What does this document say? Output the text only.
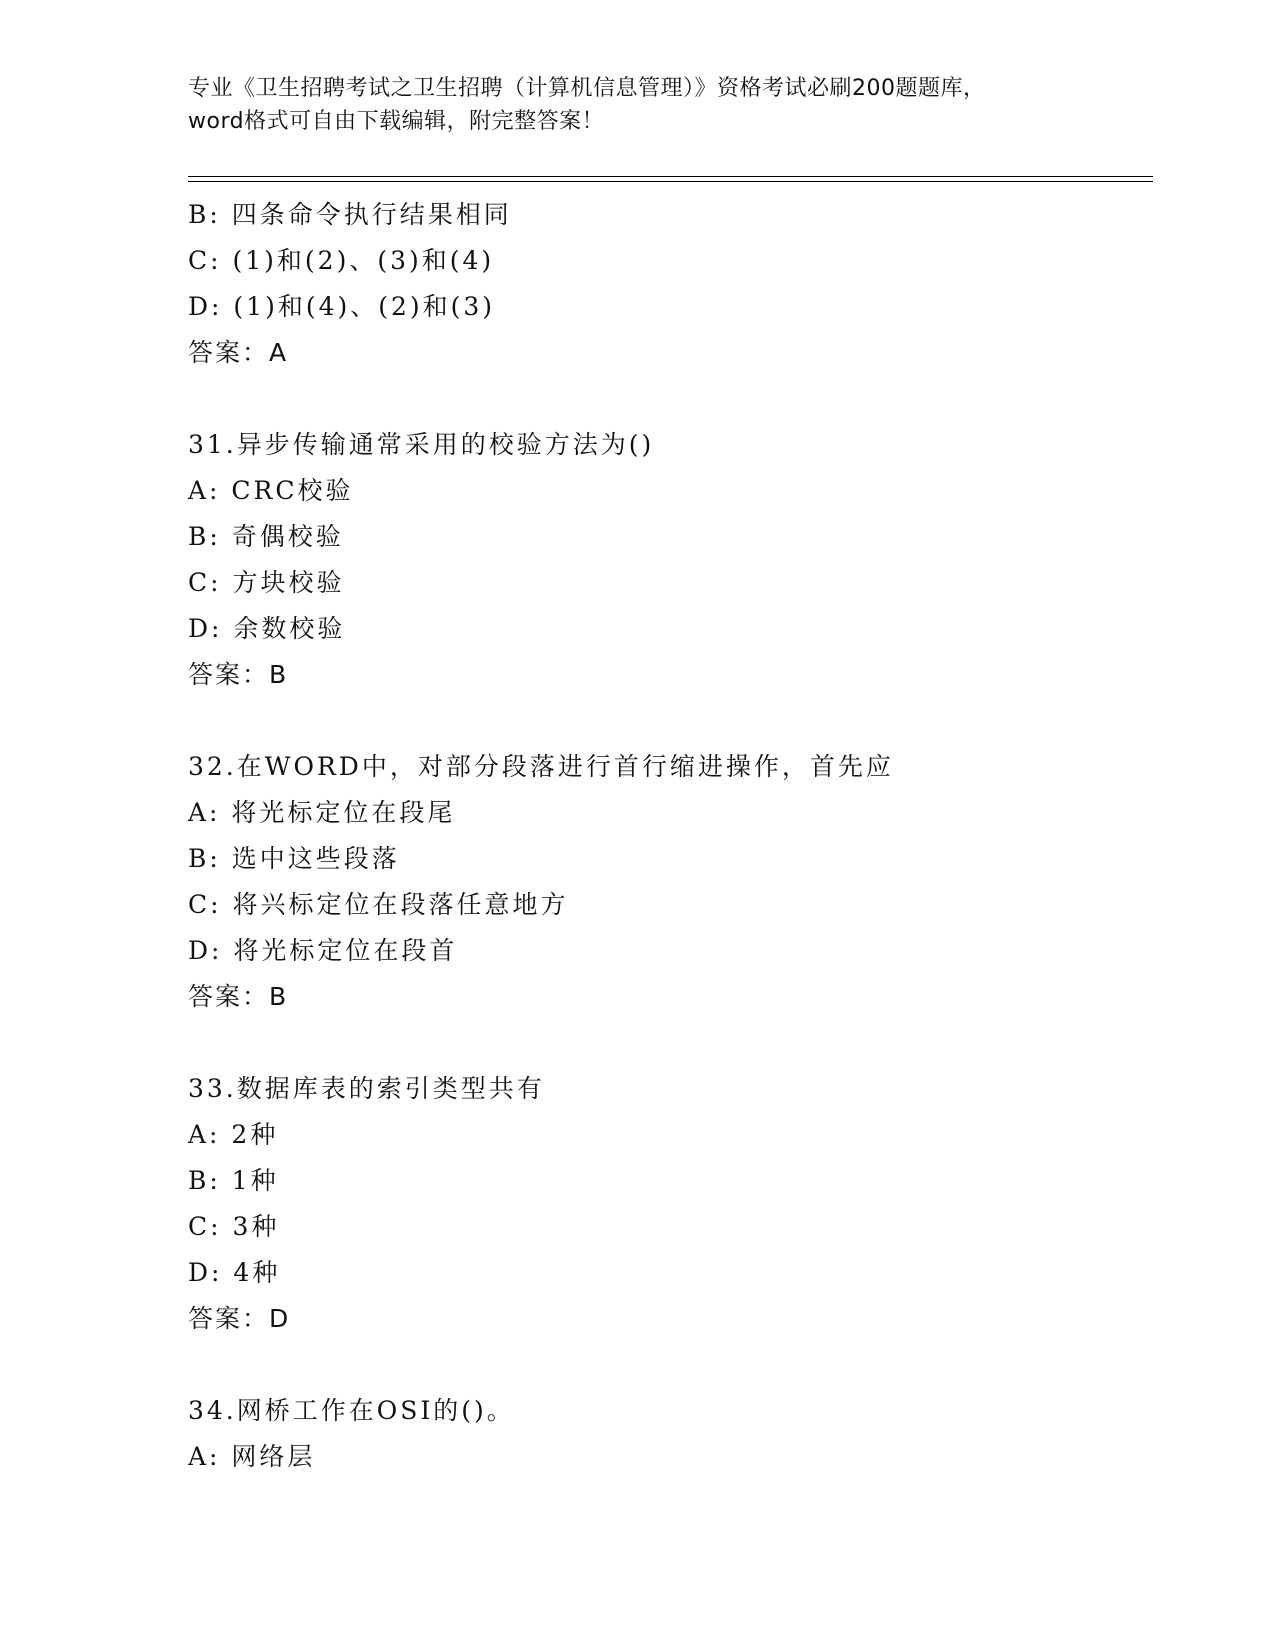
专业《卫生招聘考试之卫生招聘（计算机信息管理）》资格考试必刷200题题库，
word格式可自由下载编辑，附完整答案！
B: 四条命令执行结果相同
C: (1)和(2)、(3)和(4)
D: (1)和(4)、(2)和(3)
答案：A
31.异步传输通常采用的校验方法为()
A: CRC校验
B: 奇偶校验
C: 方块校验
D: 余数校验
答案：B
32.在WORD中，对部分段落进行首行缩进操作，首先应
A: 将光标定位在段尾
B: 选中这些段落
C: 将兴标定位在段落任意地方
D: 将光标定位在段首
答案：B
33.数据库表的索引类型共有
A: 2种
B: 1种
C: 3种
D: 4种
答案：D
34.网桥工作在OSI的()。
A: 网络层
